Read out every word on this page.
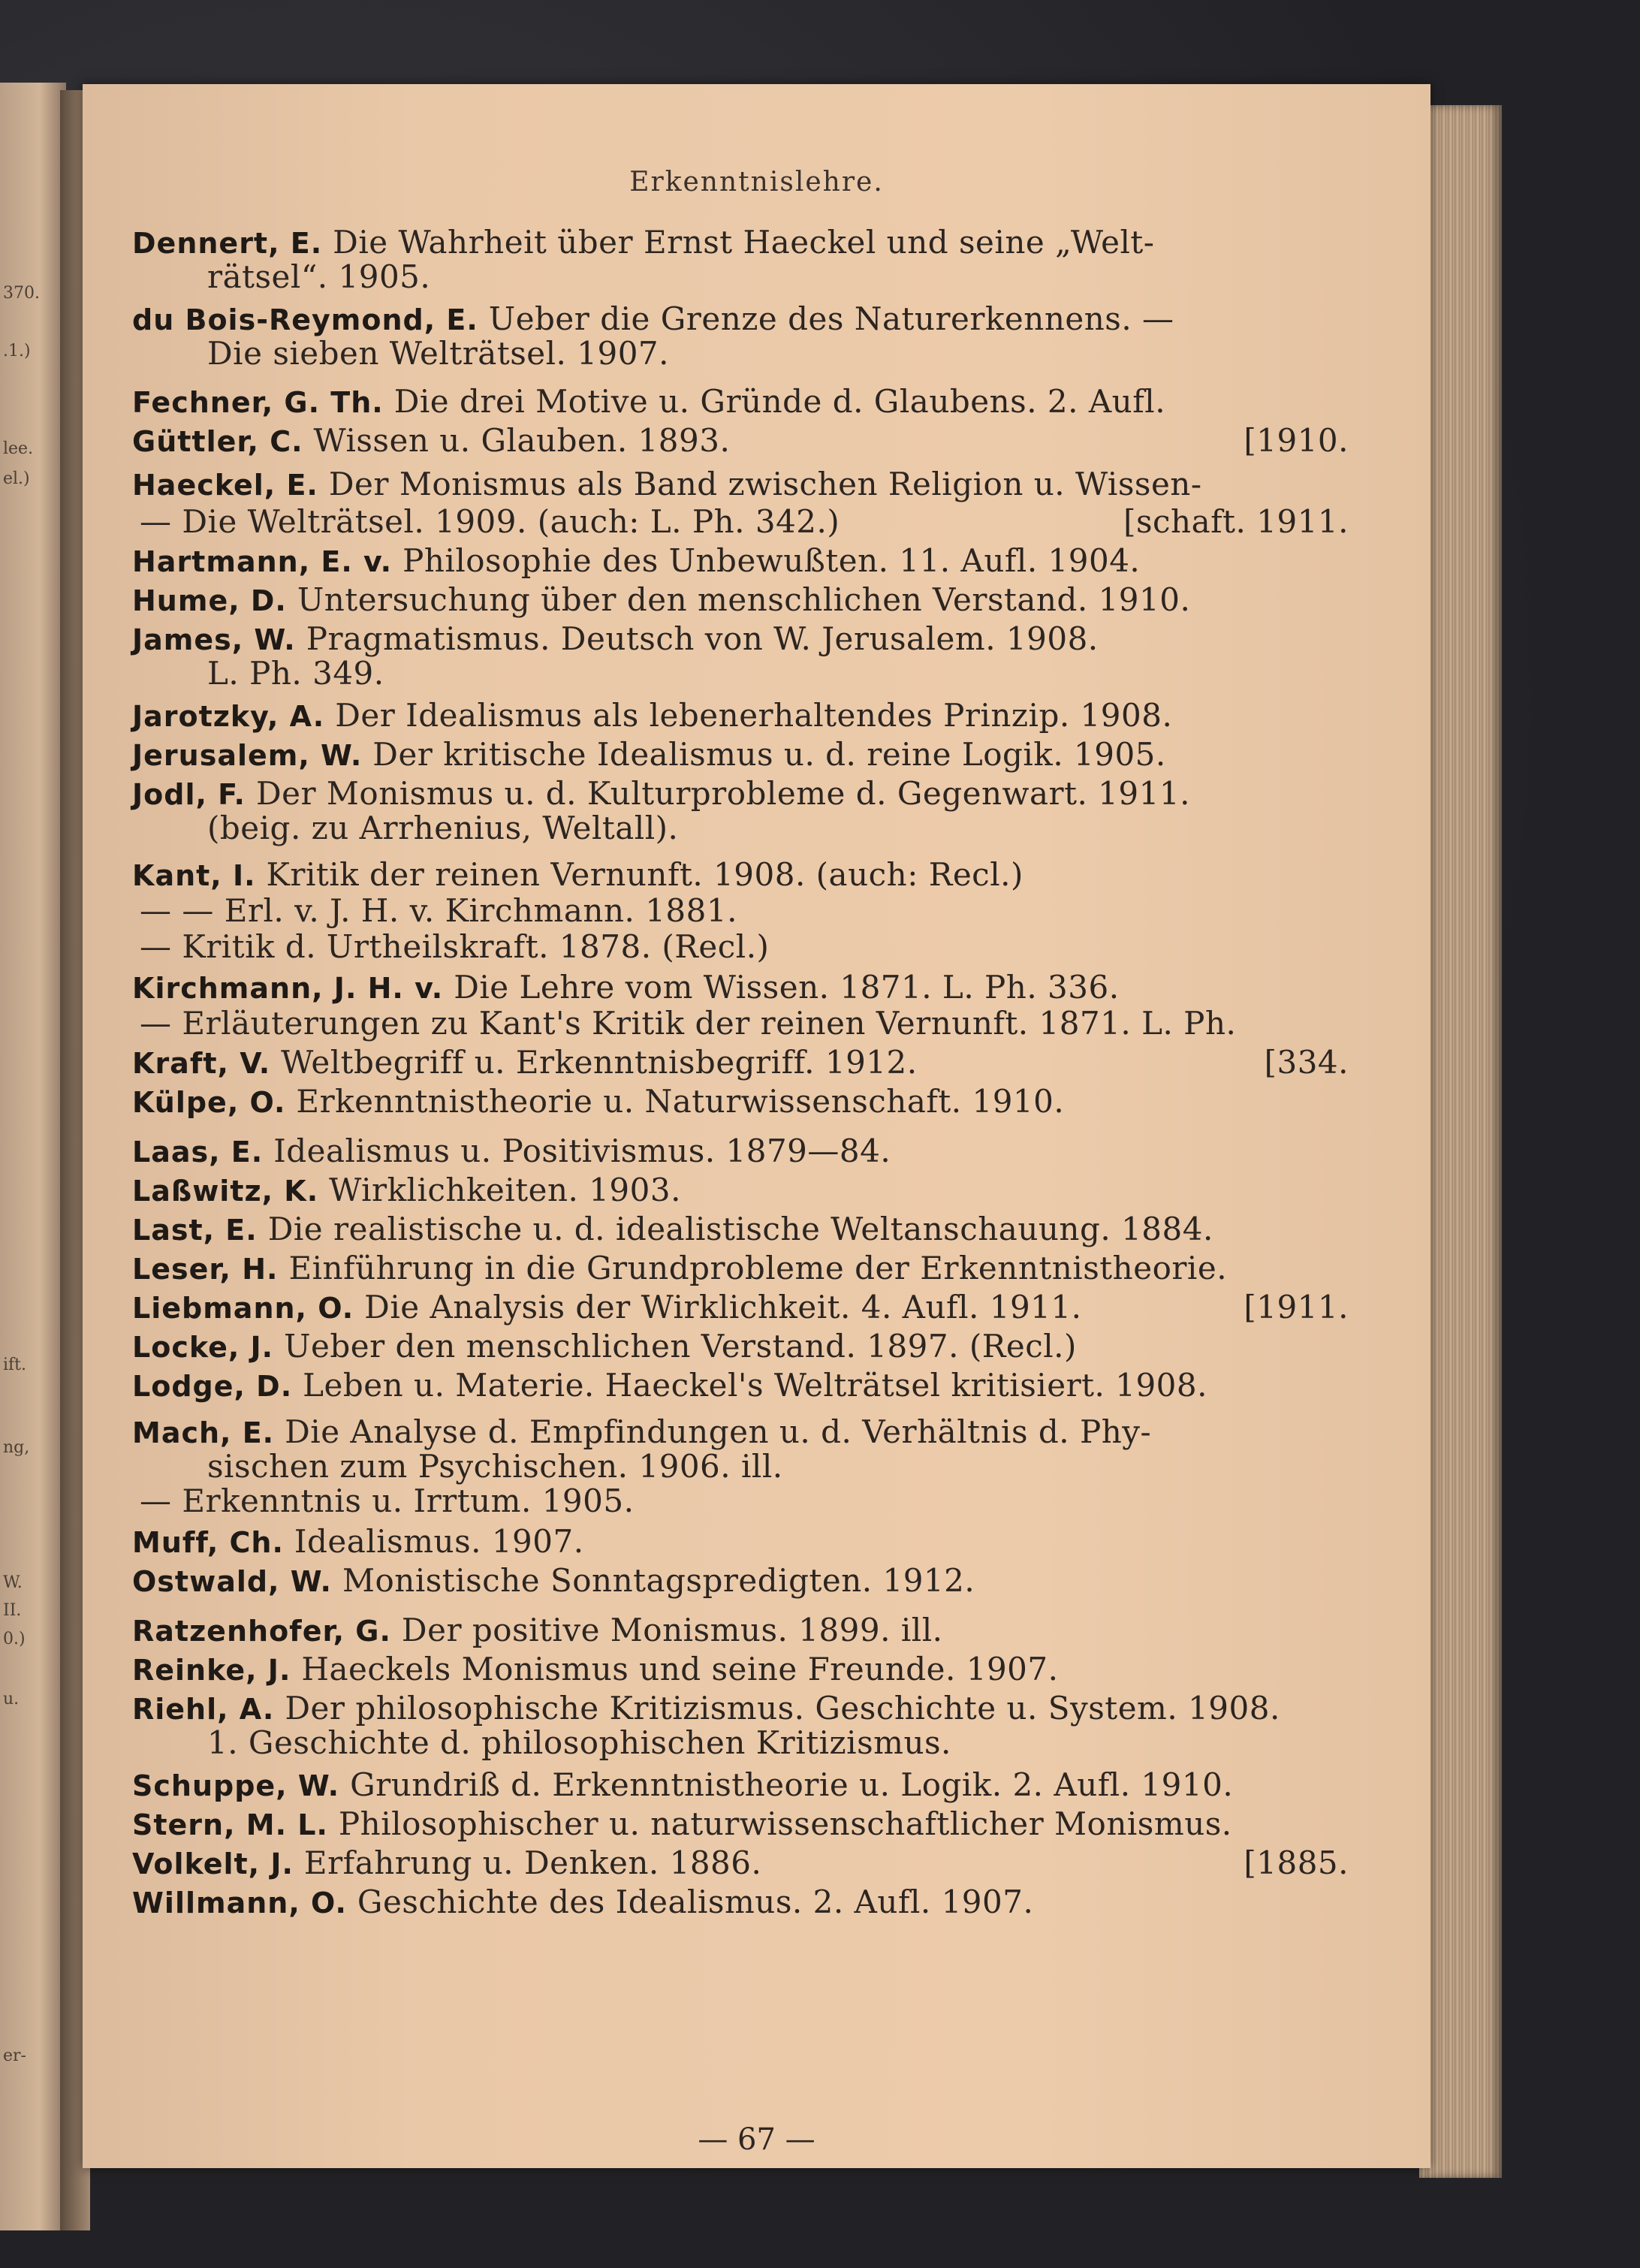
370.
.1.)
lee.
el.)
ift.
ng,
W.
II.
0.)
u.
er-
Erkenntnislehre.
Dennert, E. Die Wahrheit über Ernst Haeckel und seine „Welt-
rätsel“. 1905.
du Bois-Reymond, E. Ueber die Grenze des Naturerkennens. —
Die sieben Welträtsel. 1907.
Fechner, G. Th. Die drei Motive u. Gründe d. Glaubens. 2. Aufl.
Güttler, C. Wissen u. Glauben. 1893.	[1910.
Haeckel, E. Der Monismus als Band zwischen Religion u. Wissen-
— Die Welträtsel. 1909. (auch: L. Ph. 342.)	[schaft. 1911.
Hartmann, E. v. Philosophie des Unbewußten. 11. Aufl. 1904.
Hume, D. Untersuchung über den menschlichen Verstand. 1910.
James, W. Pragmatismus. Deutsch von W. Jerusalem. 1908.
L. Ph. 349.
Jarotzky, A. Der Idealismus als lebenerhaltendes Prinzip. 1908.
Jerusalem, W. Der kritische Idealismus u. d. reine Logik. 1905.
Jodl, F. Der Monismus u. d. Kulturprobleme d. Gegenwart. 1911.
(beig. zu Arrhenius, Weltall).
Kant, I. Kritik der reinen Vernunft. 1908. (auch: Recl.)
— — Erl. v. J. H. v. Kirchmann. 1881.
— Kritik d. Urtheilskraft. 1878. (Recl.)
Kirchmann, J. H. v. Die Lehre vom Wissen. 1871. L. Ph. 336.
— Erläuterungen zu Kant's Kritik der reinen Vernunft. 1871. L. Ph.
Kraft, V. Weltbegriff u. Erkenntnisbegriff. 1912.	[334.
Külpe, O. Erkenntnistheorie u. Naturwissenschaft. 1910.
Laas, E. Idealismus u. Positivismus. 1879—84.
Laßwitz, K. Wirklichkeiten. 1903.
Last, E. Die realistische u. d. idealistische Weltanschauung. 1884.
Leser, H. Einführung in die Grundprobleme der Erkenntnistheorie.
Liebmann, O. Die Analysis der Wirklichkeit. 4. Aufl. 1911.	[1911.
Locke, J. Ueber den menschlichen Verstand. 1897. (Recl.)
Lodge, D. Leben u. Materie. Haeckel's Welträtsel kritisiert. 1908.
Mach, E. Die Analyse d. Empfindungen u. d. Verhältnis d. Phy-
sischen zum Psychischen. 1906. ill.
— Erkenntnis u. Irrtum. 1905.
Muff, Ch. Idealismus. 1907.
Ostwald, W. Monistische Sonntagspredigten. 1912.
Ratzenhofer, G. Der positive Monismus. 1899. ill.
Reinke, J. Haeckels Monismus und seine Freunde. 1907.
Riehl, A. Der philosophische Kritizismus. Geschichte u. System. 1908.
1. Geschichte d. philosophischen Kritizismus.
Schuppe, W. Grundriß d. Erkenntnistheorie u. Logik. 2. Aufl. 1910.
Stern, M. L. Philosophischer u. naturwissenschaftlicher Monismus.
Volkelt, J. Erfahrung u. Denken. 1886.	[1885.
Willmann, O. Geschichte des Idealismus. 2. Aufl. 1907.
— 67 —
